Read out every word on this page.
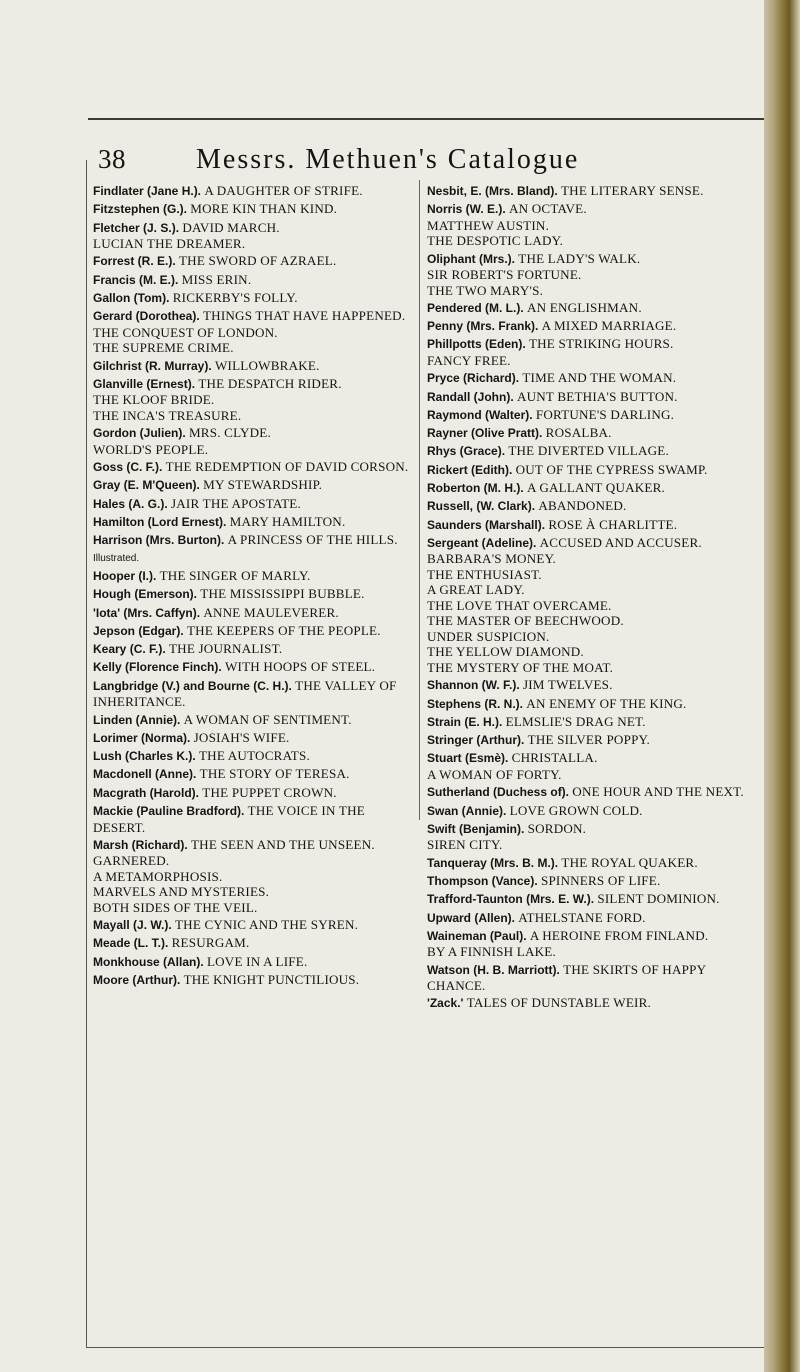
38	Messrs. Methuen's Catalogue
Findlater (Jane H.). A DAUGHTER OF STRIFE.
Fitzstephen (G.). MORE KIN THAN KIND.
Fletcher (J. S.). DAVID MARCH.
LUCIAN THE DREAMER.
Forrest (R. E.). THE SWORD OF AZRAEL.
Francis (M. E.). MISS ERIN.
Gallon (Tom). RICKERBY'S FOLLY.
Gerard (Dorothea). THINGS THAT HAVE HAPPENED.
THE CONQUEST OF LONDON.
THE SUPREME CRIME.
Gilchrist (R. Murray). WILLOWBRAKE.
Glanville (Ernest). THE DESPATCH RIDER.
THE KLOOF BRIDE.
THE INCA'S TREASURE.
Gordon (Julien). MRS. CLYDE.
WORLD'S PEOPLE.
Goss (C. F.). THE REDEMPTION OF DAVID CORSON.
Gray (E. M'Queen). MY STEWARDSHIP.
Hales (A. G.). JAIR THE APOSTATE.
Hamilton (Lord Ernest). MARY HAMILTON.
Harrison (Mrs. Burton). A PRINCESS OF THE HILLS. Illustrated.
Hooper (I.). THE SINGER OF MARLY.
Hough (Emerson). THE MISSISSIPPI BUBBLE.
'Iota' (Mrs. Caffyn). ANNE MAULEVERER.
Jepson (Edgar). THE KEEPERS OF THE PEOPLE.
Keary (C. F.). THE JOURNALIST.
Kelly (Florence Finch). WITH HOOPS OF STEEL.
Langbridge (V.) and Bourne (C. H.). THE VALLEY OF INHERITANCE.
Linden (Annie). A WOMAN OF SENTIMENT.
Lorimer (Norma). JOSIAH'S WIFE.
Lush (Charles K.). THE AUTOCRATS.
Macdonell (Anne). THE STORY OF TERESA.
Macgrath (Harold). THE PUPPET CROWN.
Mackie (Pauline Bradford). THE VOICE IN THE DESERT.
Marsh (Richard). THE SEEN AND THE UNSEEN.
GARNERED.
A METAMORPHOSIS.
MARVELS AND MYSTERIES.
BOTH SIDES OF THE VEIL.
Mayall (J. W.). THE CYNIC AND THE SYREN.
Meade (L. T.). RESURGAM.
Monkhouse (Allan). LOVE IN A LIFE.
Moore (Arthur). THE KNIGHT PUNCTILIOUS.
Nesbit, E. (Mrs. Bland). THE LITERARY SENSE.
Norris (W. E.). AN OCTAVE.
MATTHEW AUSTIN.
THE DESPOTIC LADY.
Oliphant (Mrs.). THE LADY'S WALK.
SIR ROBERT'S FORTUNE.
THE TWO MARY'S.
Pendered (M. L.). AN ENGLISHMAN.
Penny (Mrs. Frank). A MIXED MARRIAGE.
Phillpotts (Eden). THE STRIKING HOURS.
FANCY FREE.
Pryce (Richard). TIME AND THE WOMAN.
Randall (John). AUNT BETHIA'S BUTTON.
Raymond (Walter). FORTUNE'S DARLING.
Rayner (Olive Pratt). ROSALBA.
Rhys (Grace). THE DIVERTED VILLAGE.
Rickert (Edith). OUT OF THE CYPRESS SWAMP.
Roberton (M. H.). A GALLANT QUAKER.
Russell, (W. Clark). ABANDONED.
Saunders (Marshall). ROSE À CHARLITTE.
Sergeant (Adeline). ACCUSED AND ACCUSER.
BARBARA'S MONEY.
THE ENTHUSIAST.
A GREAT LADY.
THE LOVE THAT OVERCAME.
THE MASTER OF BEECHWOOD.
UNDER SUSPICION.
THE YELLOW DIAMOND.
THE MYSTERY OF THE MOAT.
Shannon (W. F.). JIM TWELVES.
Stephens (R. N.). AN ENEMY OF THE KING.
Strain (E. H.). ELMSLIE'S DRAG NET.
Stringer (Arthur). THE SILVER POPPY.
Stuart (Esmè). CHRISTALLA.
A WOMAN OF FORTY.
Sutherland (Duchess of). ONE HOUR AND THE NEXT.
Swan (Annie). LOVE GROWN COLD.
Swift (Benjamin). SORDON.
SIREN CITY.
Tanqueray (Mrs. B. M.). THE ROYAL QUAKER.
Thompson (Vance). SPINNERS OF LIFE.
Trafford-Taunton (Mrs. E. W.). SILENT DOMINION.
Upward (Allen). ATHELSTANE FORD.
Waineman (Paul). A HEROINE FROM FINLAND.
BY A FINNISH LAKE.
Watson (H. B. Marriott). THE SKIRTS OF HAPPY CHANCE.
'Zack.' TALES OF DUNSTABLE WEIR.
